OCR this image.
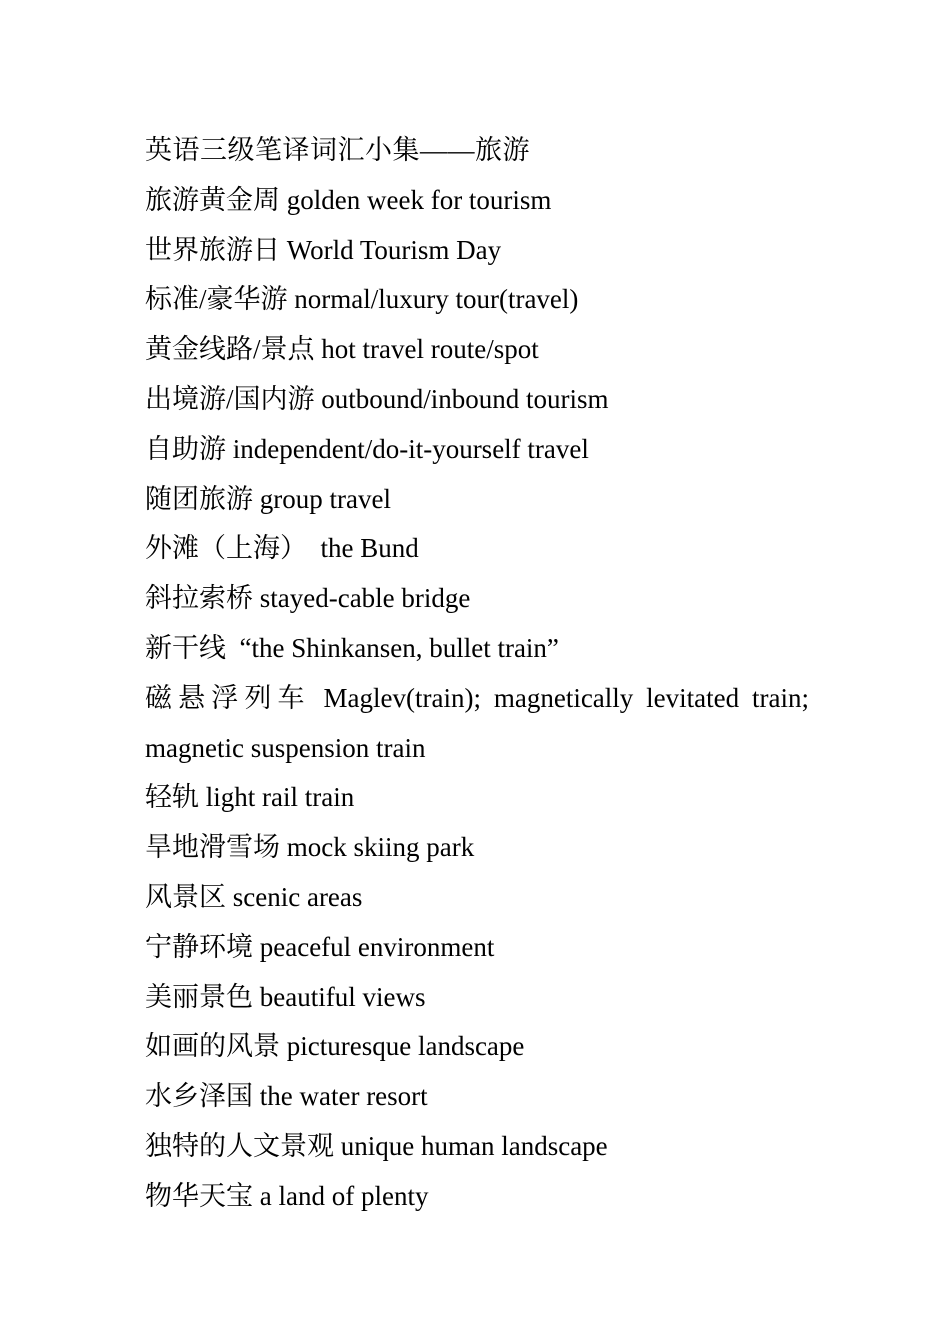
英语三级笔译词汇小集——旅游
旅游黄金周 golden week for tourism
世界旅游日 World Tourism Day
标准/豪华游 normal/luxury tour(travel)
黄金线路/景点 hot travel route/spot
出境游/国内游 outbound/inbound tourism
自助游 independent/do-it-yourself travel
随团旅游 group travel
外滩（上海）  the Bund
斜拉索桥 stayed-cable bridge
新干线  “the Shinkansen, bullet train”
磁悬浮列车 Maglev(train); magnetically levitated train;
magnetic suspension train
轻轨 light rail train
旱地滑雪场 mock skiing park
风景区 scenic areas
宁静环境 peaceful environment
美丽景色 beautiful views
如画的风景 picturesque landscape
水乡泽国 the water resort
独特的人文景观 unique human landscape
物华天宝 a land of plenty
